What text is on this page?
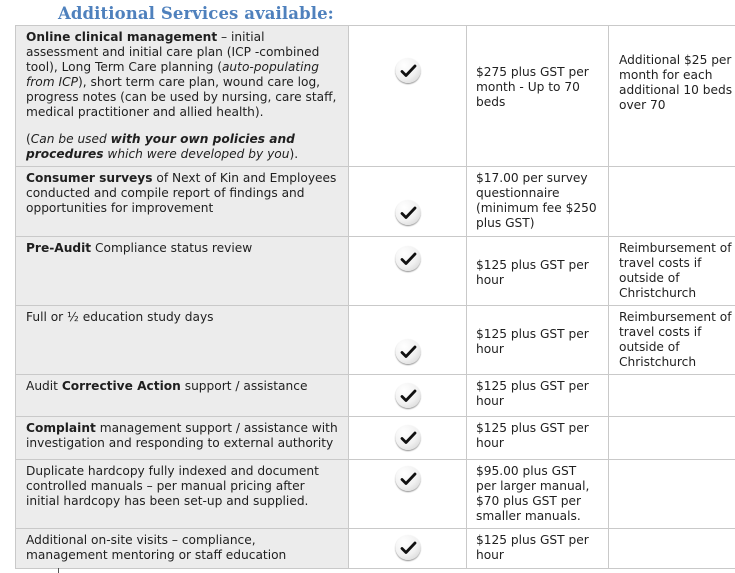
Additional Services available:
Online clinical management – initial assessment and initial care plan (ICP -combined tool), Long Term Care planning (auto-populating from ICP), short term care plan, wound care log, progress notes (can be used by nursing, care staff, medical practitioner and allied health).

(Can be used with your own policies and procedures which were developed by you).		$275 plus GST per month - Up to 70 beds	Additional $25 per month for each additional 10 beds over 70
Consumer surveys of Next of Kin and Employees conducted and compile report of findings and opportunities for improvement		$17.00 per survey questionnaire (minimum fee $250 plus GST)	
Pre-Audit Compliance status review		$125 plus GST per hour	Reimbursement of travel costs if outside of Christchurch
Full or ½ education study days		$125 plus GST per hour	Reimbursement of travel costs if outside of Christchurch
Audit Corrective Action support / assistance		$125 plus GST per hour	
Complaint management support / assistance with investigation and responding to external authority		$125 plus GST per hour	
Duplicate hardcopy fully indexed and document controlled manuals – per manual pricing after initial hardcopy has been set-up and supplied.		$95.00 plus GST per larger manual, $70 plus GST per smaller manuals.	
Additional on-site visits – compliance, management mentoring or staff education		$125 plus GST per hour	
